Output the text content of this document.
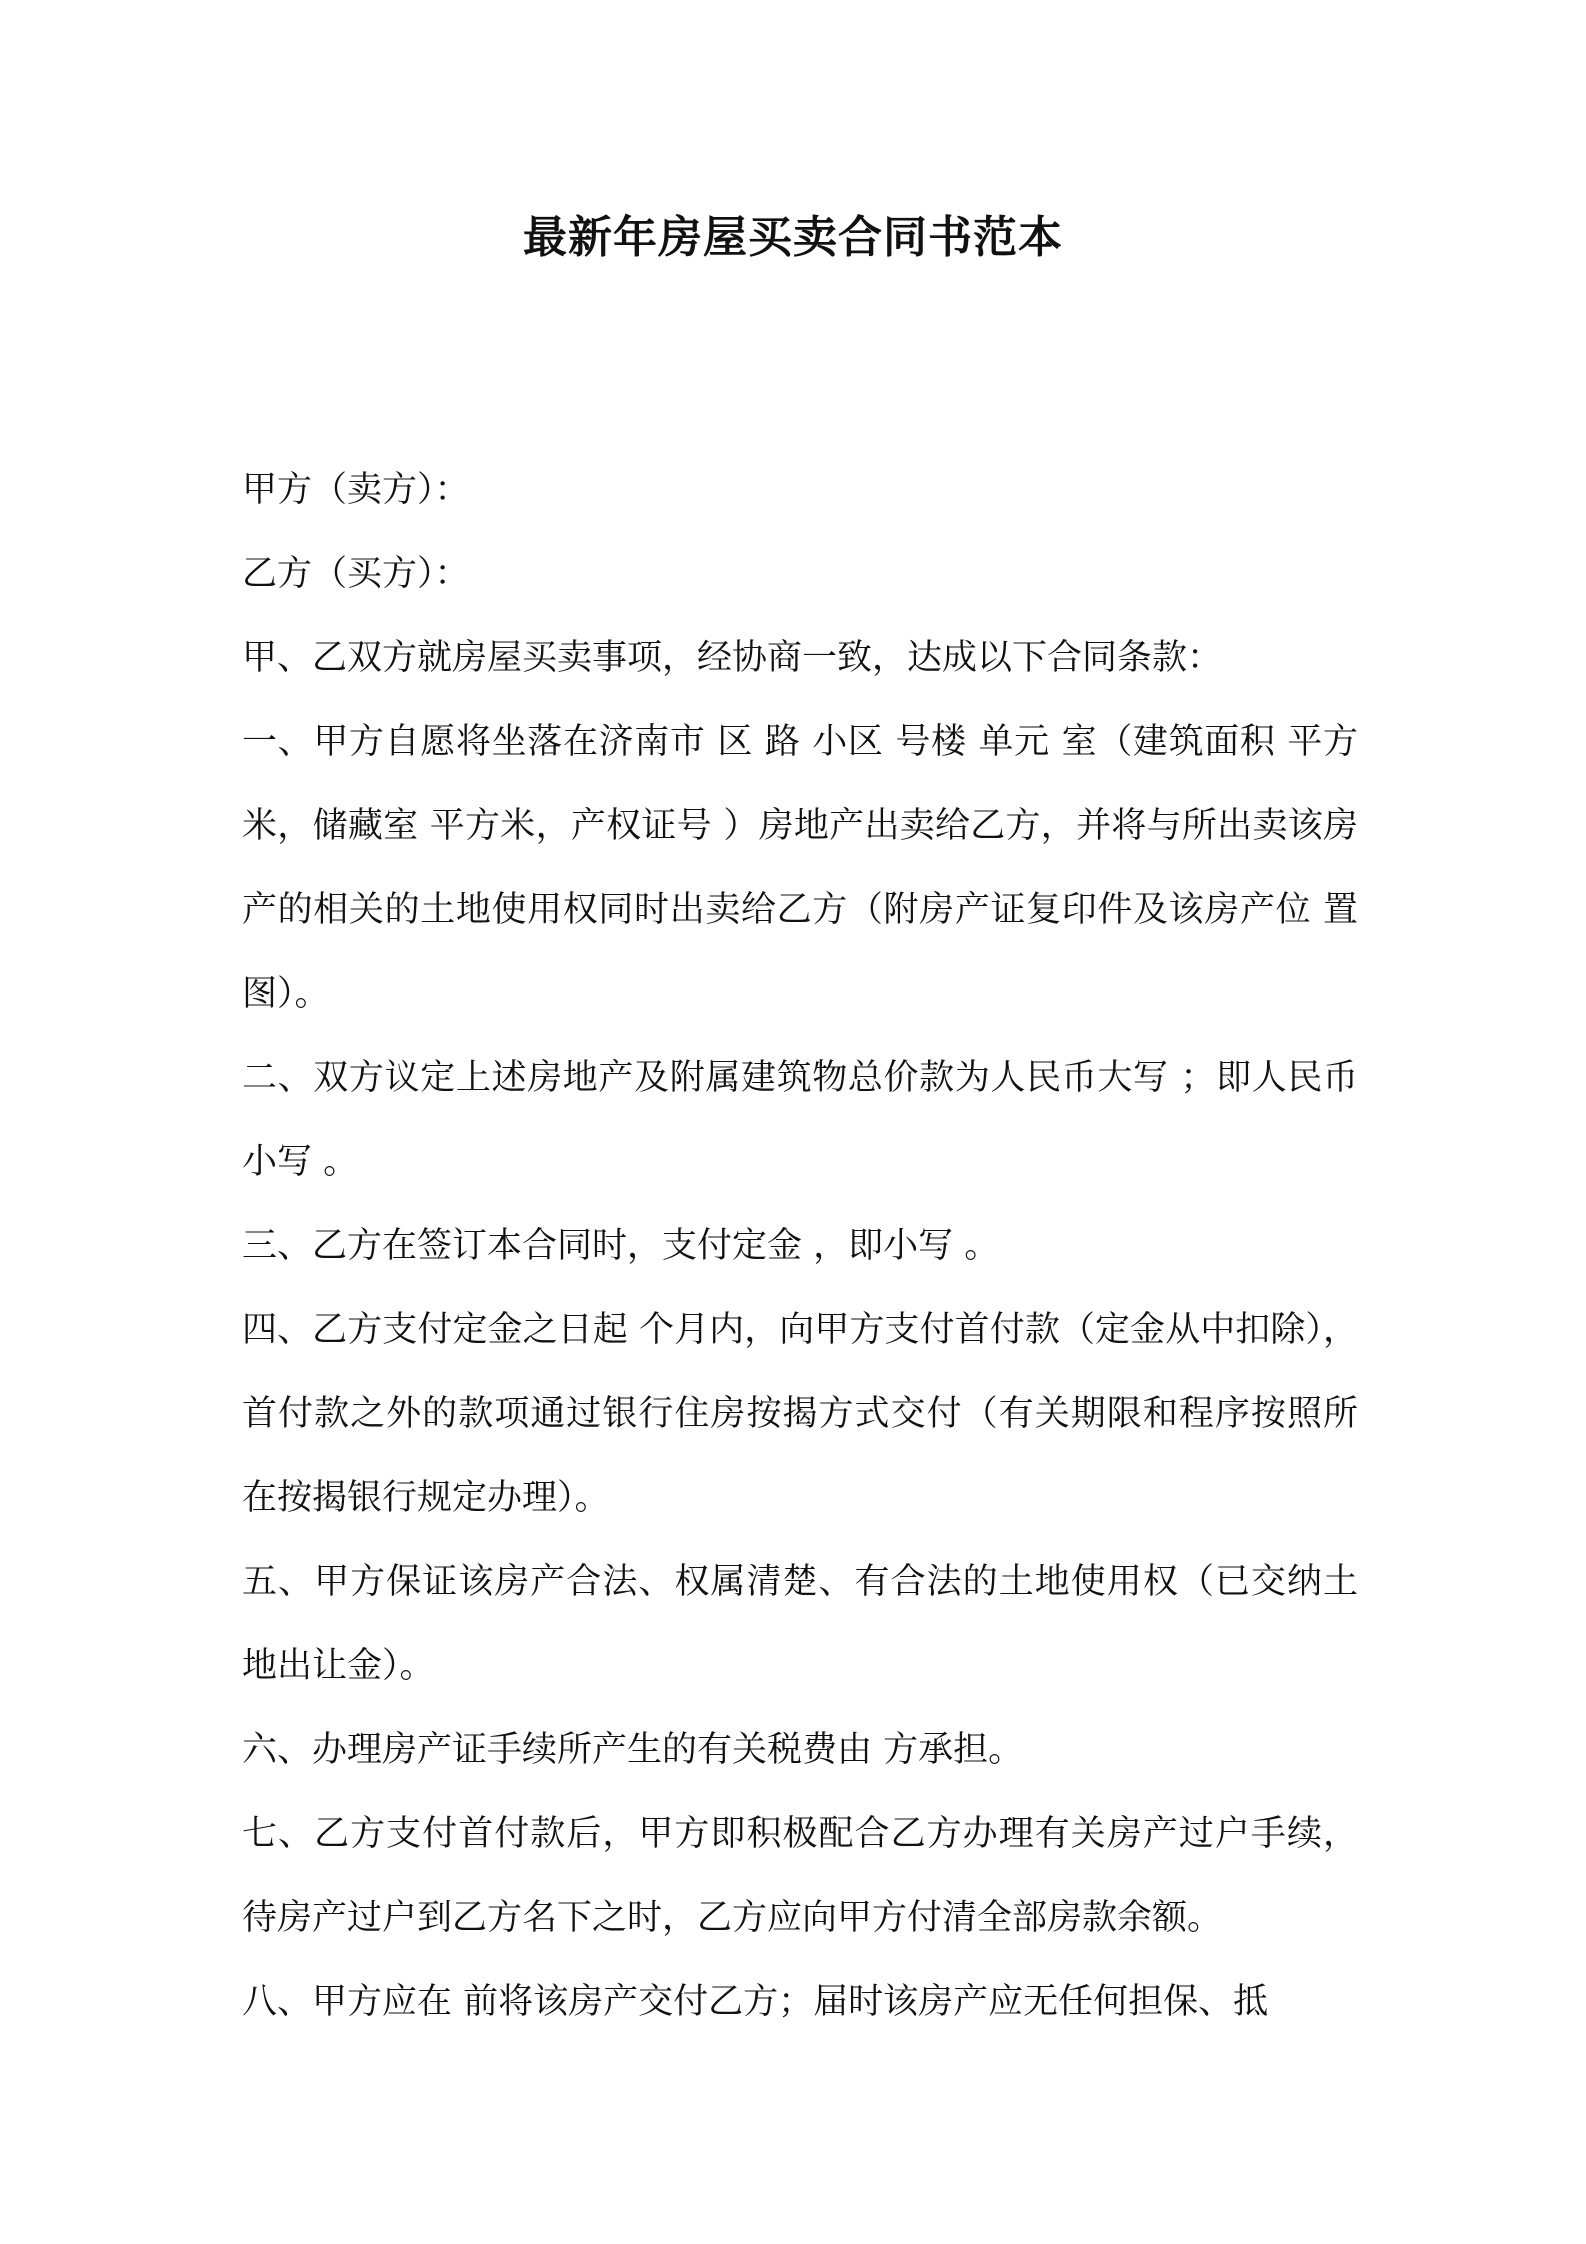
最新年房屋买卖合同书范本

甲方（卖方）：

乙方（买方）：

甲、乙双方就房屋买卖事项，经协商一致，达成以下合同条款：

一、甲方自愿将坐落在济南市 区 路 小区 号楼 单元 室（建筑面积 平方米，储藏室 平方米，产权证号 ）房地产出卖给乙方，并将与所出卖该房产的相关的土地使用权同时出卖给乙方（附房产证复印件及该房产位 置图）。

二、双方议定上述房地产及附属建筑物总价款为人民币大写 ；即人民币小写 。

三、乙方在签订本合同时，支付定金 ，即小写 。

四、乙方支付定金之日起 个月内，向甲方支付首付款（定金从中扣除），首付款之外的款项通过银行住房按揭方式交付（有关期限和程序按照所在按揭银行规定办理）。

五、甲方保证该房产合法、权属清楚、有合法的土地使用权（已交纳土地出让金）。

六、办理房产证手续所产生的有关税费由 方承担。

七、乙方支付首付款后，甲方即积极配合乙方办理有关房产过户手续，待房产过户到乙方名下之时，乙方应向甲方付清全部房款余额。

八、甲方应在 前将该房产交付乙方；届时该房产应无任何担保、抵
